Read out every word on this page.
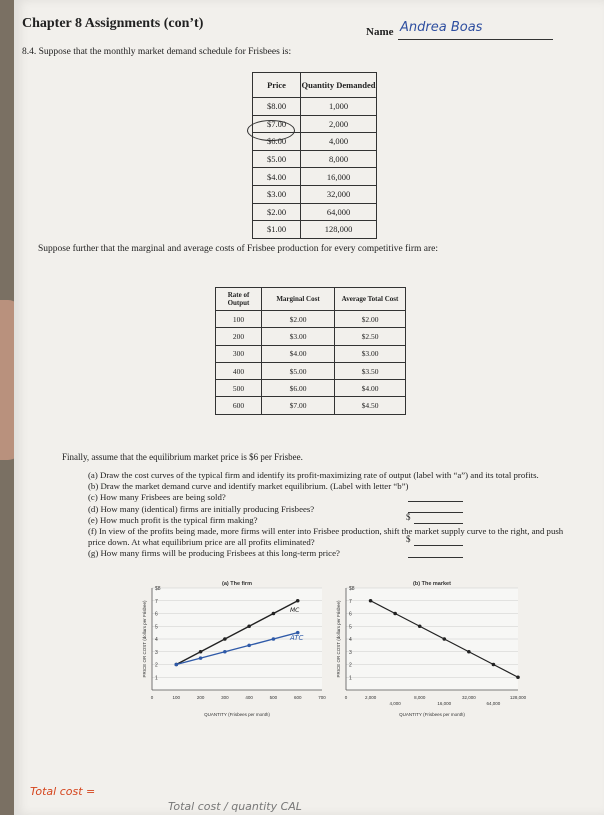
Chapter 8 Assignments (con’t)
Name Andrea Boas
8.4. Suppose that the monthly market demand schedule for Frisbees is:
Price	Quantity Demanded
$8.00	1,000
$7.00	2,000
$6.00	4,000
$5.00	8,000
$4.00	16,000
$3.00	32,000
$2.00	64,000
$1.00	128,000
Suppose further that the marginal and average costs of Frisbee production for every competitive firm are:
Rate of Output	Marginal Cost	Average Total Cost
100	$2.00	$2.00
200	$3.00	$2.50
300	$4.00	$3.00
400	$5.00	$3.50
500	$6.00	$4.00
600	$7.00	$4.50
Finally, assume that the equilibrium market price is $6 per Frisbee.
(a) Draw the cost curves of the typical firm and identify its profit-maximizing rate of output (label with “a”) and its total profits.
(b) Draw the market demand curve and identify market equilibrium. (Label with letter “b”)
(c) How many Frisbees are being sold?
(d) How many (identical) firms are initially producing Frisbees?
(e) How much profit is the typical firm making?
(f) In view of the profits being made, more firms will enter into Frisbee production, shift the market supply curve to the right, and push price down. At what equilibrium price are all profits eliminated?
(g) How many firms will be producing Frisbees at this long-term price?
$
$
(a) The firm
1
2
3
4
5
6
7
$8
PRICE OR COST (dollars per Frisbee)
0	100	200	300	400	500	600	700
QUANTITY (Frisbees per month)
MC
ATC
(b) The market
1
2
3
4
5
6
7
$8
PRICE OR COST (dollars per Frisbee)
0	2,000
4,000
8,000
16,000
32,000
64,000
128,000
QUANTITY (Frisbees per month)
Total cost =
Total cost / quantity CAL
